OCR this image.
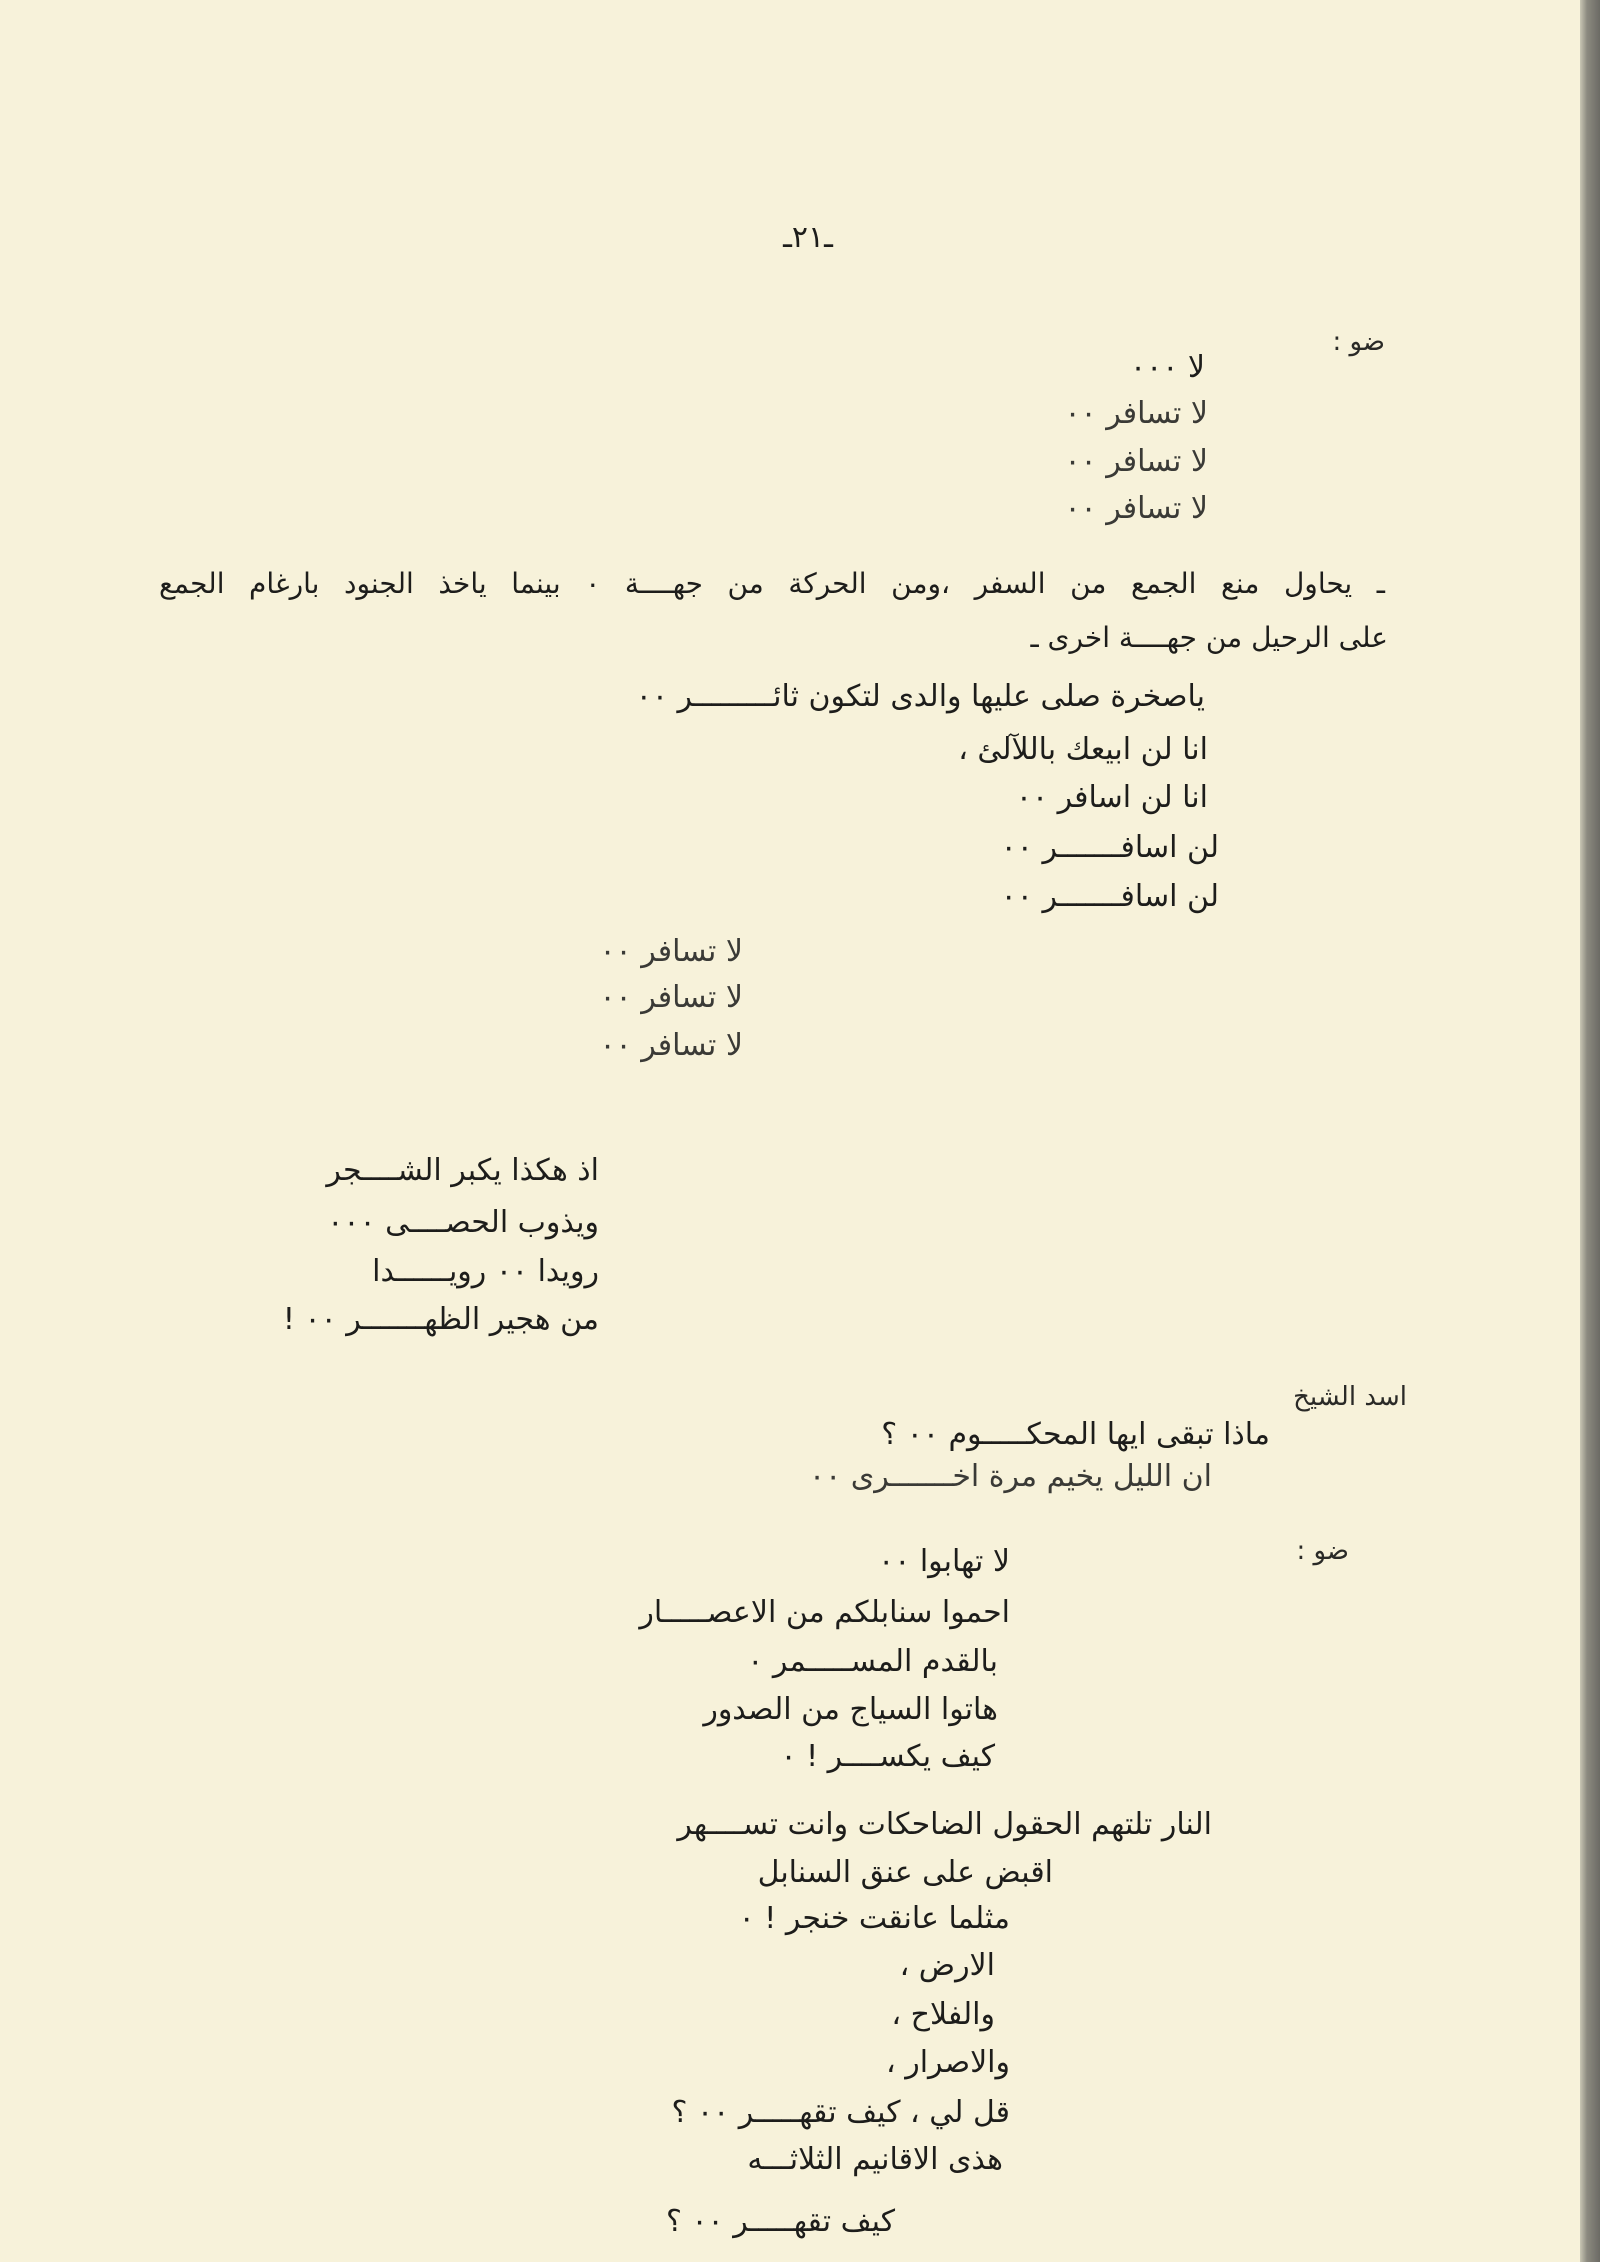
ـ٢١ـ
ضو :
لا ٠٠٠
لا تسافر ٠٠
لا تسافر ٠٠
لا تسافر ٠٠
ـ يحاول منع الجمع من السفر ،ومن الحركة من جهــــة ٠ بينما ياخذ الجنود بارغام الجمع
على الرحيل من جهــــة اخرى ـ
ياصخرة صلى عليها والدى لتكون ثائـــــــــر ٠٠
انا لن ابيعك باللآلئ ،
انا لن اسافر ٠٠
لن اسافـــــــر ٠٠
لن اسافـــــــر ٠٠
لا تسافر ٠٠
لا تسافر ٠٠
لا تسافر ٠٠
اذ هكذا يكبر الشــــجر
ويذوب الحصــــى ٠٠٠
رويدا ٠٠ رويــــــدا
من هجير الظهـــــــر ٠٠ !
اسد الشيخ
ماذا تبقى ايها المحكـــــوم ٠٠ ؟
ان الليل يخيم مرة اخـــــــرى ٠٠
ضو :
لا تهابوا ٠٠
احموا سنابلكم من الاعصـــــار
بالقدم المســـــمر ٠
هاتوا السياج من الصدور
كيف يكســــر ! ٠
النار تلتهم الحقول الضاحكات وانت تســــهر
اقبض على عنق السنابل
مثلما عانقت خنجر ! ٠
الارض ،
والفلاح ،
والاصرار ،
قل لي ، كيف تقهـــــر ٠٠ ؟
هذى الاقانيم الثلاثـــه
كيف تقهـــــر ٠٠ ؟
